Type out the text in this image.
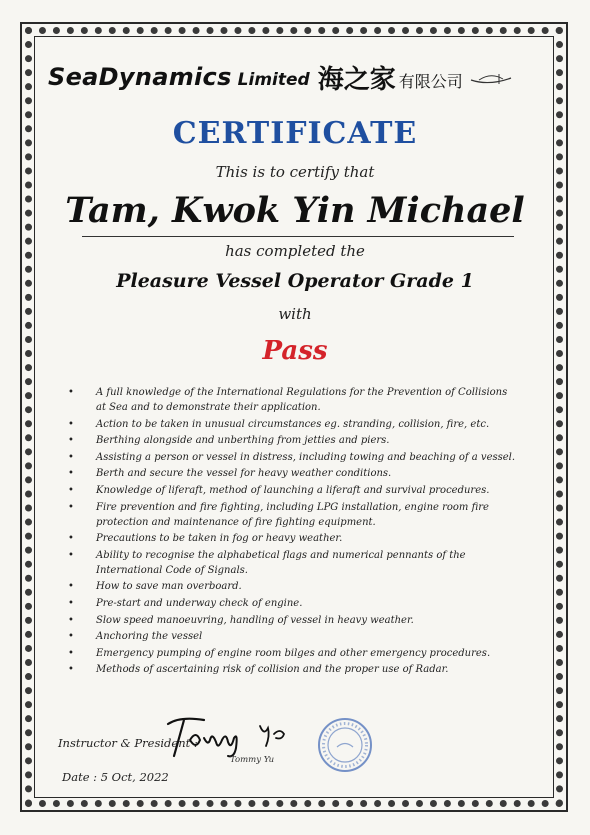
SeaDynamics Limited 海之家 有限公司
CERTIFICATE
This is to certify that
Tam, Kwok Yin Michael
has completed the
Pleasure Vessel Operator Grade 1
with
Pass
• A full knowledge of the International Regulations for the Prevention of Collisions at Sea and to demonstrate their application.
• Action to be taken in unusual circumstances eg. stranding, collision, fire, etc.
• Berthing alongside and unberthing from jetties and piers.
• Assisting a person or vessel in distress, including towing and beaching of a vessel.
• Berth and secure the vessel for heavy weather conditions.
• Knowledge of liferaft, method of launching a liferaft and survival procedures.
• Fire prevention and fire fighting, including LPG installation, engine room fire protection and maintenance of fire fighting equipment.
• Precautions to be taken in fog or heavy weather.
• Ability to recognise the alphabetical flags and numerical pennants of the International Code of Signals.
• How to save man overboard.
• Pre-start and underway check of engine.
• Slow speed manoeuvring, handling of vessel in heavy weather.
• Anchoring the vessel
• Emergency pumping of engine room bilges and other emergency procedures.
• Methods of ascertaining risk of collision and the proper use of Radar.
Instructor & President :
Tommy Yu
Date : 5 Oct, 2022
